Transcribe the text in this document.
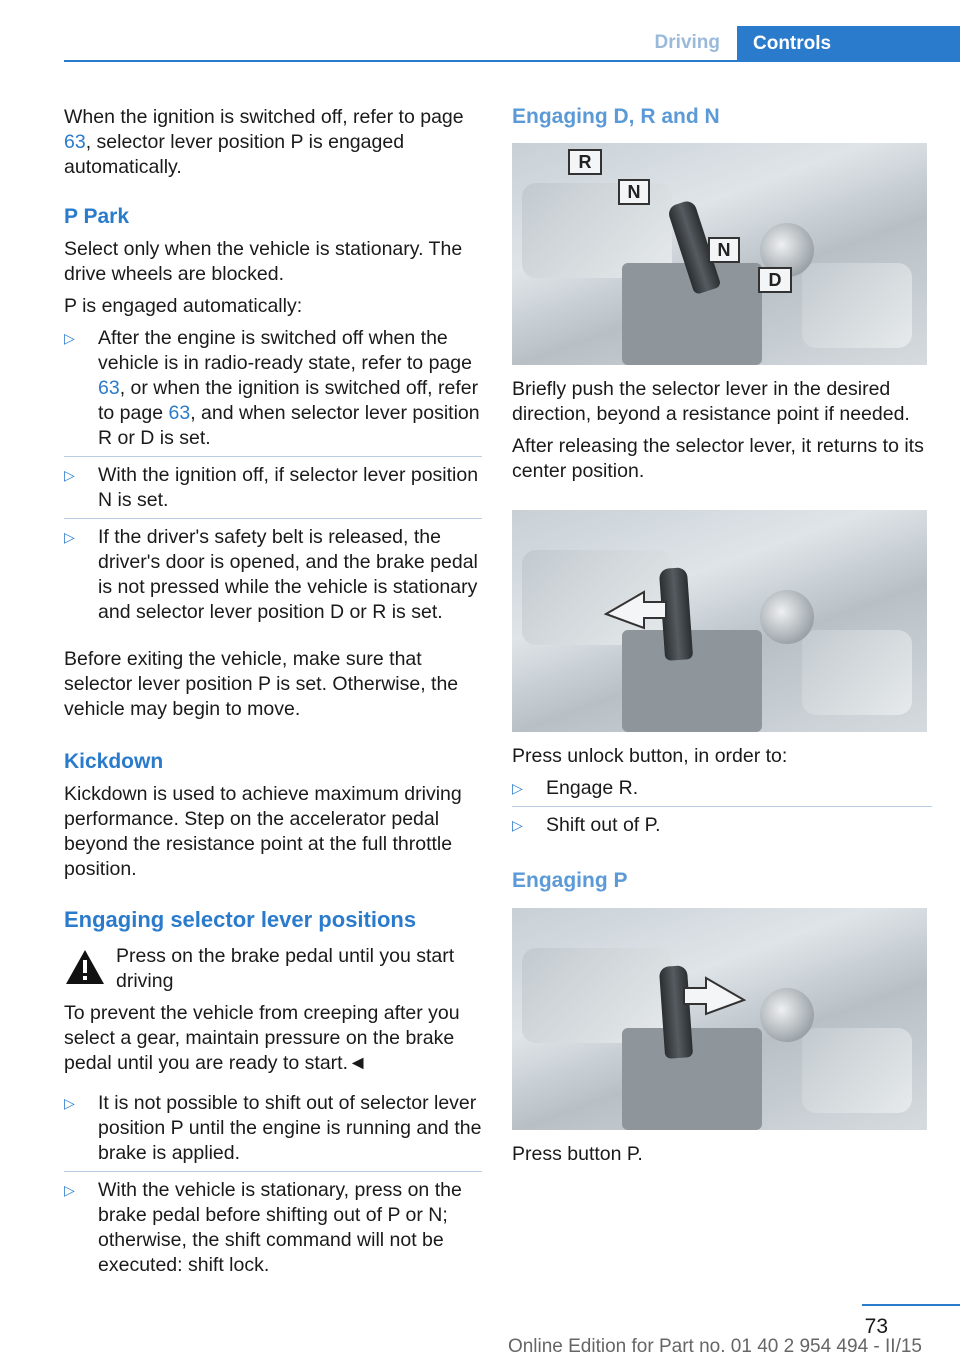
Driving	Controls

When the ignition is switched off, refer to page 63, selector lever position P is engaged automatically.

P Park

Select only when the vehicle is stationary. The drive wheels are blocked.

P is engaged automatically:

▷ After the engine is switched off when the vehicle is in radio-ready state, refer to page 63, or when the ignition is switched off, refer to page 63, and when selector lever position R or D is set.
▷ With the ignition off, if selector lever position N is set.
▷ If the driver's safety belt is released, the driver's door is opened, and the brake pedal is not pressed while the vehicle is stationary and selector lever position D or R is set.

Before exiting the vehicle, make sure that selector lever position P is set. Otherwise, the vehicle may begin to move.

Kickdown

Kickdown is used to achieve maximum driving performance. Step on the accelerator pedal beyond the resistance point at the full throttle position.

Engaging selector lever positions

Press on the brake pedal until you start driving

To prevent the vehicle from creeping after you select a gear, maintain pressure on the brake pedal until you are ready to start.◄

▷ It is not possible to shift out of selector lever position P until the engine is running and the brake is applied.
▷ With the vehicle is stationary, press on the brake pedal before shifting out of P or N; otherwise, the shift command will not be executed: shift lock.
Engaging D, R and N
R
N
N
D

Briefly push the selector lever in the desired direction, beyond a resistance point if needed.

After releasing the selector lever, it returns to its center position.

Press unlock button, in order to:

▷ Engage R.
▷ Shift out of P.
Engaging P

Press button P.

73
Online Edition for Part no. 01 40 2 954 494 - II/15
